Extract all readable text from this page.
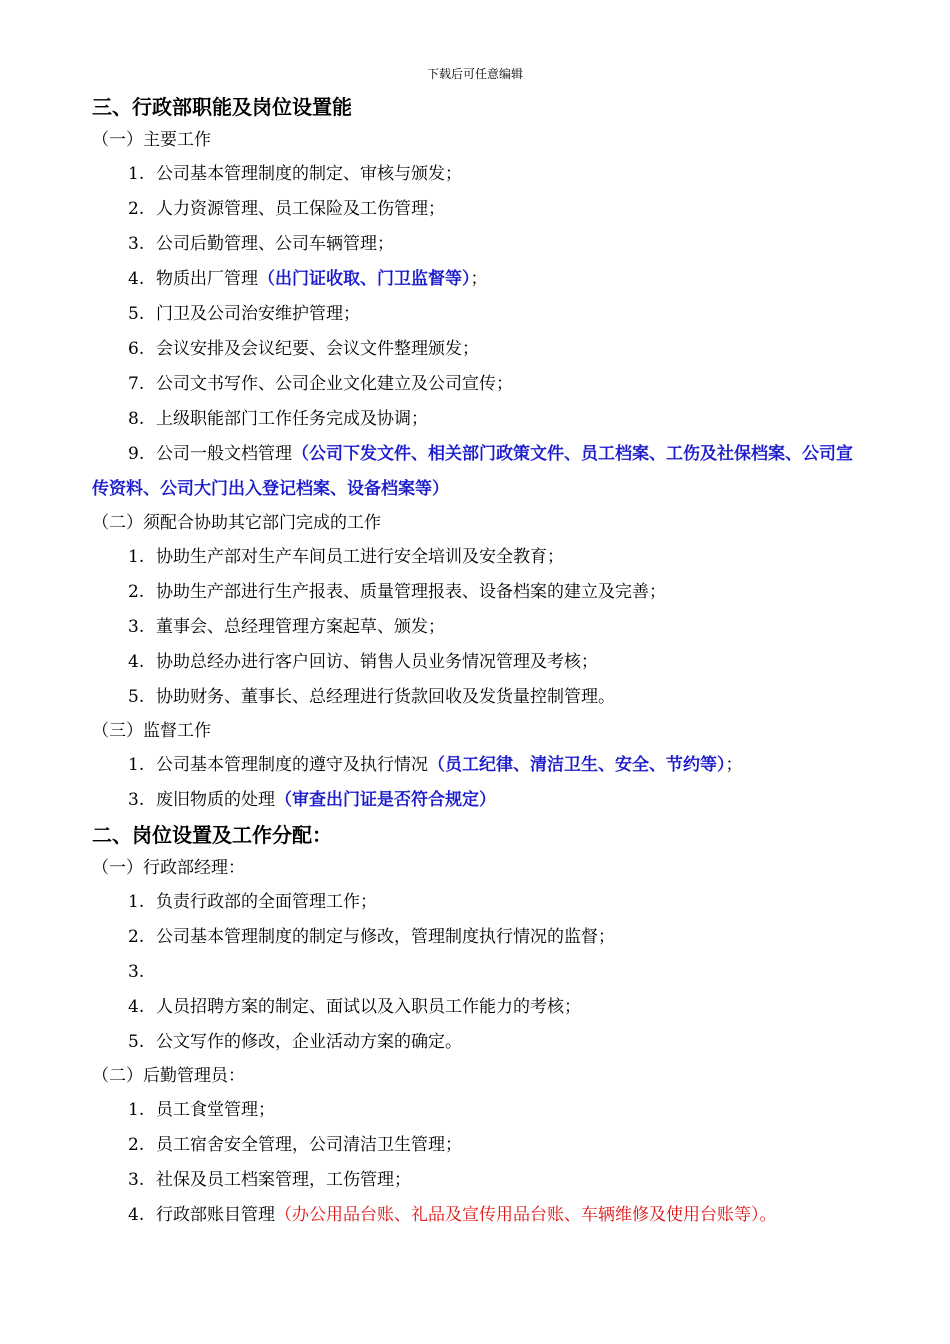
下载后可任意编辑
三、行政部职能及岗位设置能
（一）主要工作
1. 公司基本管理制度的制定、审核与颁发；
2. 人力资源管理、员工保险及工伤管理；
3. 公司后勤管理、公司车辆管理；
4. 物质出厂管理（出门证收取、门卫监督等）；
5. 门卫及公司治安维护管理；
6. 会议安排及会议纪要、会议文件整理颁发；
7. 公司文书写作、公司企业文化建立及公司宣传；
8. 上级职能部门工作任务完成及协调；
9. 公司一般文档管理（公司下发文件、相关部门政策文件、员工档案、工伤及社保档案、公司宣传资料、公司大门出入登记档案、设备档案等）
（二）须配合协助其它部门完成的工作
1. 协助生产部对生产车间员工进行安全培训及安全教育；
2. 协助生产部进行生产报表、质量管理报表、设备档案的建立及完善；
3. 董事会、总经理管理方案起草、颁发；
4. 协助总经办进行客户回访、销售人员业务情况管理及考核；
5. 协助财务、董事长、总经理进行货款回收及发货量控制管理。
（三）监督工作
1. 公司基本管理制度的遵守及执行情况（员工纪律、清洁卫生、安全、节约等）；
3. 废旧物质的处理（审查出门证是否符合规定）
二、岗位设置及工作分配：
（一）行政部经理：
1. 负责行政部的全面管理工作；
2. 公司基本管理制度的制定与修改，管理制度执行情况的监督；
3.
4. 人员招聘方案的制定、面试以及入职员工作能力的考核；
5. 公文写作的修改，企业活动方案的确定。
（二）后勤管理员：
1. 员工食堂管理；
2. 员工宿舍安全管理，公司清洁卫生管理；
3. 社保及员工档案管理，工伤管理；
4. 行政部账目管理（办公用品台账、礼品及宣传用品台账、车辆维修及使用台账等）。
